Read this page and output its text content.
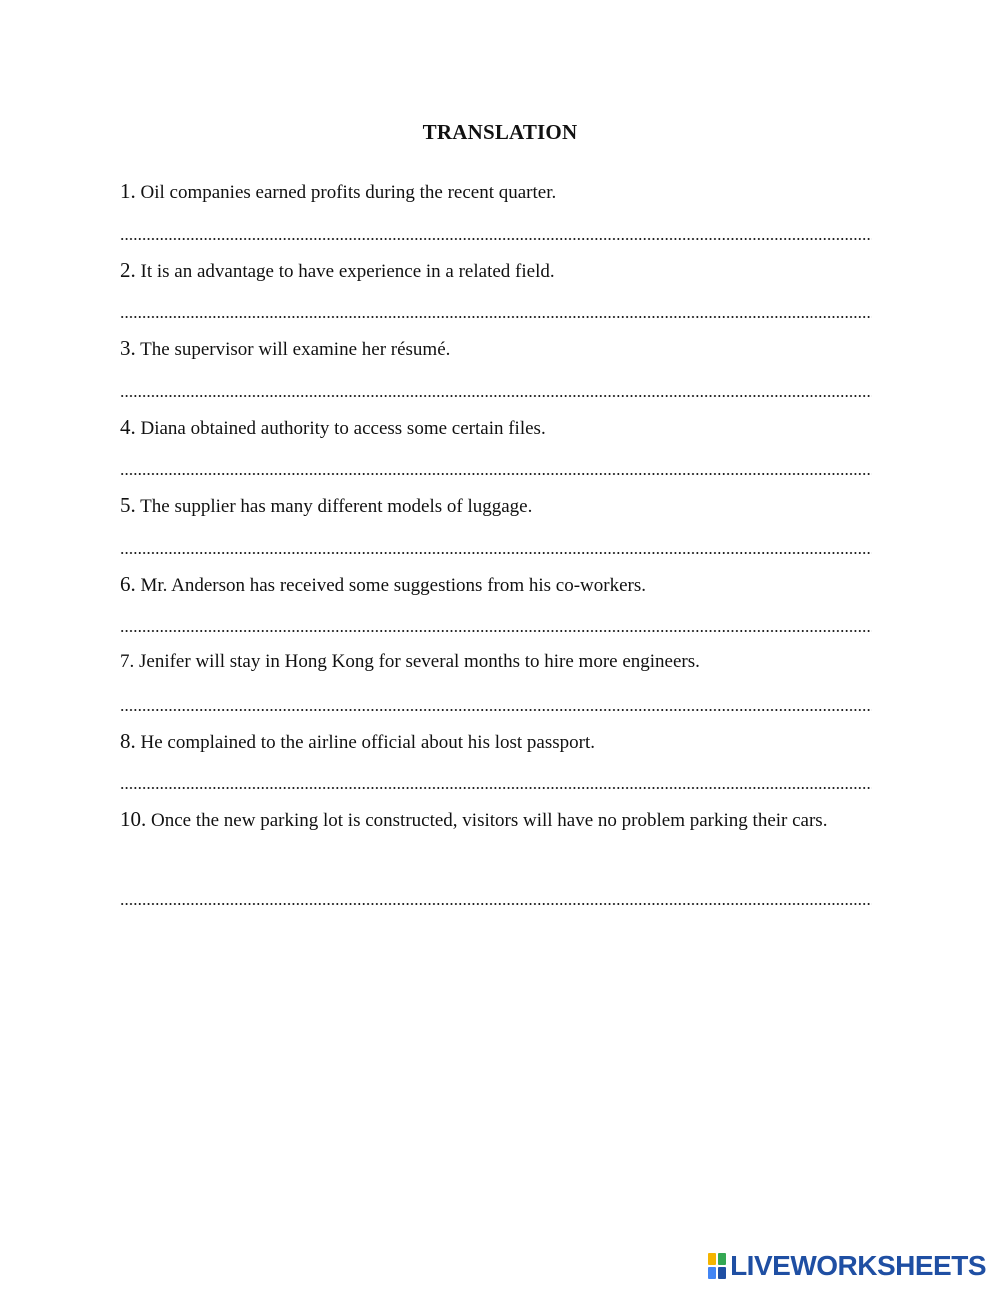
TRANSLATION
1. Oil companies earned profits during the recent quarter.
2. It is an advantage to have experience in a related field.
3. The supervisor will examine her résumé.
4. Diana obtained authority to access some certain files.
5. The supplier has many different models of luggage.
6. Mr. Anderson has received some suggestions from his co-workers.
7. Jenifer will stay in Hong Kong for several months to hire more engineers.
8. He complained to the airline official about his lost passport.
10. Once the new parking lot is constructed, visitors will have no problem parking their cars.
LIVEWORKSHEETS
